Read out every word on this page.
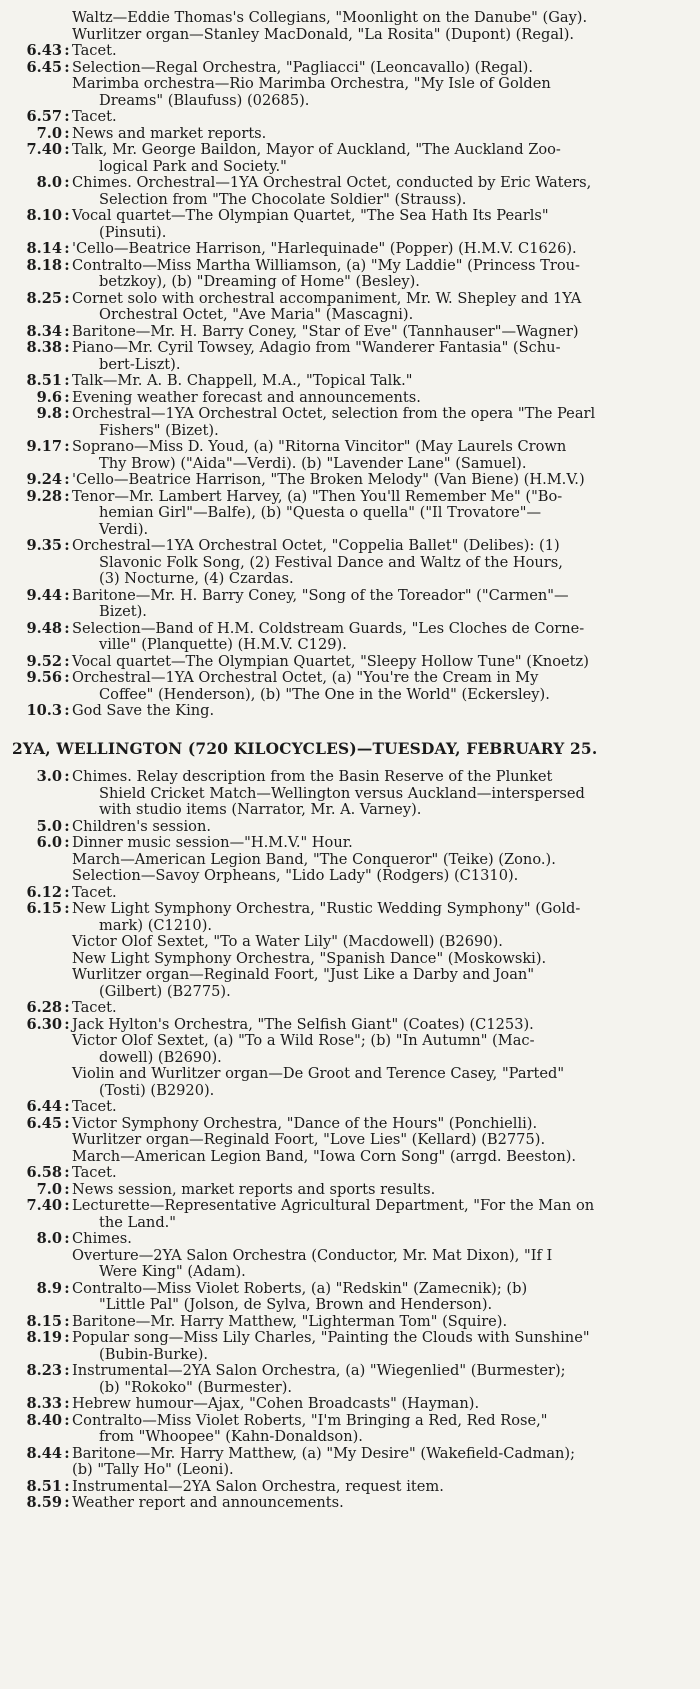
Waltz—Eddie Thomas's Collegians, "Moonlight on the Danube" (Gay).
Wurlitzer organ—Stanley MacDonald, "La Rosita" (Dupont) (Regal).
6.43 : Tacet.
6.45 : Selection—Regal Orchestra, "Pagliacci" (Leoncavallo) (Regal).
Marimba orchestra—Rio Marimba Orchestra, "My Isle of Golden
Dreams" (Blaufuss) (02685).
6.57 : Tacet.
7.0 : News and market reports.
7.40 : Talk, Mr. George Baildon, Mayor of Auckland, "The Auckland Zoo-
logical Park and Society."
8.0 : Chimes. Orchestral—1YA Orchestral Octet, conducted by Eric Waters,
Selection from "The Chocolate Soldier" (Strauss).
8.10 : Vocal quartet—The Olympian Quartet, "The Sea Hath Its Pearls"
(Pinsuti).
8.14 : 'Cello—Beatrice Harrison, "Harlequinade" (Popper) (H.M.V. C1626).
8.18 : Contralto—Miss Martha Williamson, (a) "My Laddie" (Princess Trou-
betzkoy), (b) "Dreaming of Home" (Besley).
8.25 : Cornet solo with orchestral accompaniment, Mr. W. Shepley and 1YA
Orchestral Octet, "Ave Maria" (Mascagni).
8.34 : Baritone—Mr. H. Barry Coney, "Star of Eve" (Tannhauser"—Wagner)
8.38 : Piano—Mr. Cyril Towsey, Adagio from "Wanderer Fantasia" (Schu-
bert-Liszt).
8.51 : Talk—Mr. A. B. Chappell, M.A., "Topical Talk."
9.6 : Evening weather forecast and announcements.
9.8 : Orchestral—1YA Orchestral Octet, selection from the opera "The Pearl
Fishers" (Bizet).
9.17 : Soprano—Miss D. Youd, (a) "Ritorna Vincitor" (May Laurels Crown
Thy Brow) ("Aida"—Verdi). (b) "Lavender Lane" (Samuel).
9.24 : 'Cello—Beatrice Harrison, "The Broken Melody" (Van Biene) (H.M.V.)
9.28 : Tenor—Mr. Lambert Harvey, (a) "Then You'll Remember Me" ("Bo-
hemian Girl"—Balfe), (b) "Questa o quella" ("Il Trovatore"—
Verdi).
9.35 : Orchestral—1YA Orchestral Octet, "Coppelia Ballet" (Delibes): (1)
Slavonic Folk Song, (2) Festival Dance and Waltz of the Hours,
(3) Nocturne, (4) Czardas.
9.44 : Baritone—Mr. H. Barry Coney, "Song of the Toreador" ("Carmen"—
Bizet).
9.48 : Selection—Band of H.M. Coldstream Guards, "Les Cloches de Corne-
ville" (Planquette) (H.M.V. C129).
9.52 : Vocal quartet—The Olympian Quartet, "Sleepy Hollow Tune" (Knoetz)
9.56 : Orchestral—1YA Orchestral Octet, (a) "You're the Cream in My
Coffee" (Henderson), (b) "The One in the World" (Eckersley).
10.3 : God Save the King.
2YA, WELLINGTON (720 KILOCYCLES)—TUESDAY, FEBRUARY 25.
3.0 : Chimes. Relay description from the Basin Reserve of the Plunket
Shield Cricket Match—Wellington versus Auckland—interspersed
with studio items (Narrator, Mr. A. Varney).
5.0 : Children's session.
6.0 : Dinner music session—"H.M.V." Hour.
March—American Legion Band, "The Conqueror" (Teike) (Zono.).
Selection—Savoy Orpheans, "Lido Lady" (Rodgers) (C1310).
6.12 : Tacet.
6.15 : New Light Symphony Orchestra, "Rustic Wedding Symphony" (Gold-
mark) (C1210).
Victor Olof Sextet, "To a Water Lily" (Macdowell) (B2690).
New Light Symphony Orchestra, "Spanish Dance" (Moskowski).
Wurlitzer organ—Reginald Foort, "Just Like a Darby and Joan"
(Gilbert) (B2775).
6.28 : Tacet.
6.30 : Jack Hylton's Orchestra, "The Selfish Giant" (Coates) (C1253).
Victor Olof Sextet, (a) "To a Wild Rose"; (b) "In Autumn" (Mac-
dowell) (B2690).
Violin and Wurlitzer organ—De Groot and Terence Casey, "Parted"
(Tosti) (B2920).
6.44 : Tacet.
6.45 : Victor Symphony Orchestra, "Dance of the Hours" (Ponchielli).
Wurlitzer organ—Reginald Foort, "Love Lies" (Kellard) (B2775).
March—American Legion Band, "Iowa Corn Song" (arrgd. Beeston).
6.58 : Tacet.
7.0 : News session, market reports and sports results.
7.40 : Lecturette—Representative Agricultural Department, "For the Man on
the Land."
8.0 : Chimes.
Overture—2YA Salon Orchestra (Conductor, Mr. Mat Dixon), "If I
Were King" (Adam).
8.9 : Contralto—Miss Violet Roberts, (a) "Redskin" (Zamecnik); (b)
"Little Pal" (Jolson, de Sylva, Brown and Henderson).
8.15 : Baritone—Mr. Harry Matthew, "Lighterman Tom" (Squire).
8.19 : Popular song—Miss Lily Charles, "Painting the Clouds with Sunshine"
(Bubin-Burke).
8.23 : Instrumental—2YA Salon Orchestra, (a) "Wiegenlied" (Burmester);
(b) "Rokoko" (Burmester).
8.33 : Hebrew humour—Ajax, "Cohen Broadcasts" (Hayman).
8.40 : Contralto—Miss Violet Roberts, "I'm Bringing a Red, Red Rose,"
from "Whoopee" (Kahn-Donaldson).
8.44 : Baritone—Mr. Harry Matthew, (a) "My Desire" (Wakefield-Cadman);
(b) "Tally Ho" (Leoni).
8.51 : Instrumental—2YA Salon Orchestra, request item.
8.59 : Weather report and announcements.
